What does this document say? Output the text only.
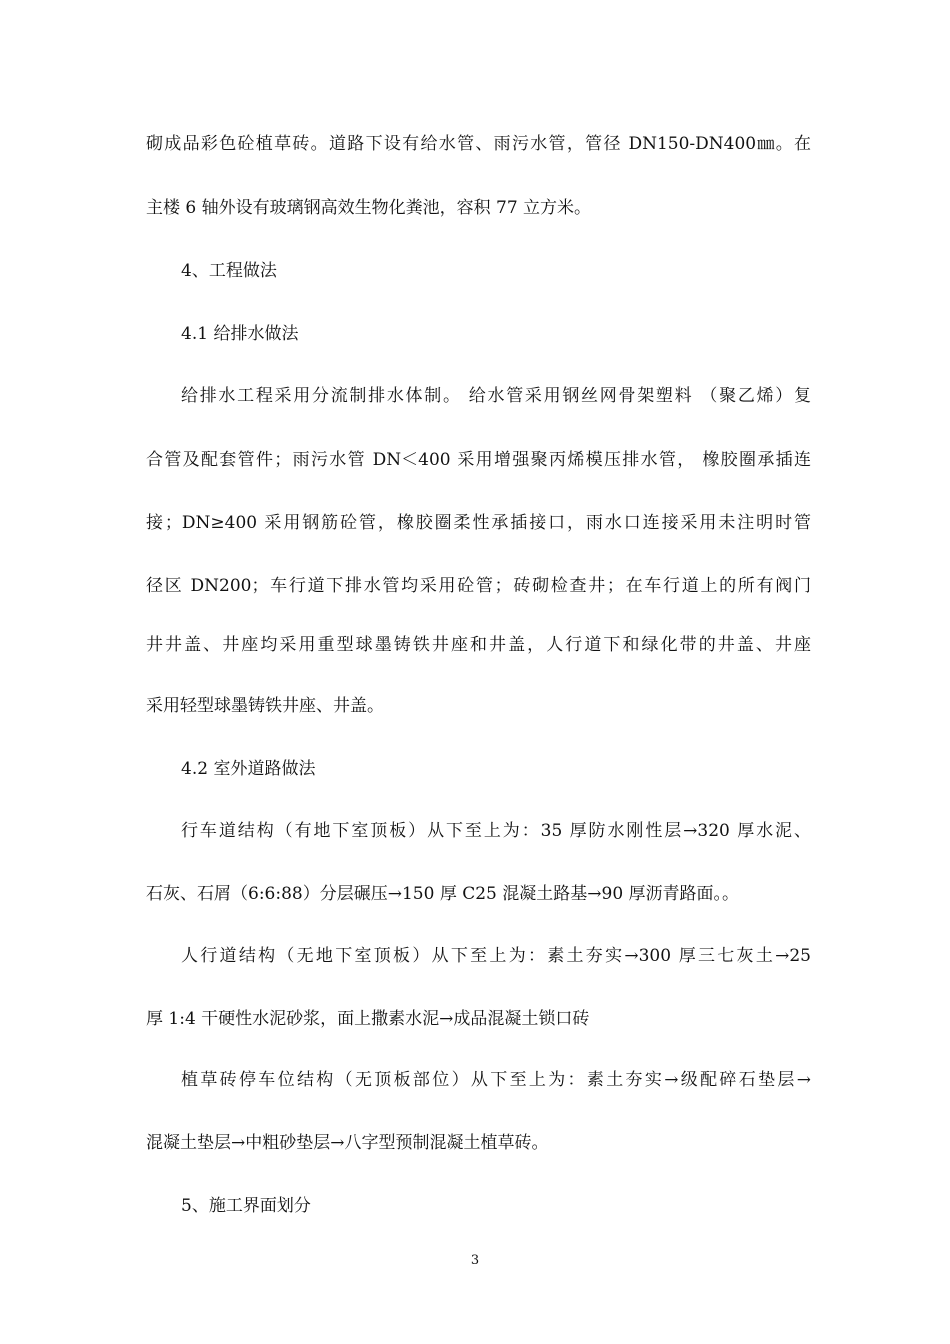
砌成品彩色砼植草砖。道路下设有给水管、雨污水管，管径 DN150-DN400㎜。在
主楼 6 轴外设有玻璃钢高效生物化粪池，容积 77 立方米。
4、工程做法
4.1 给排水做法
给排水工程采用分流制排水体制。 给水管采用钢丝网骨架塑料 （聚乙烯）复
合管及配套管件；雨污水管 DN＜400 采用增强聚丙烯模压排水管， 橡胶圈承插连
接；DN≥400 采用钢筋砼管，橡胶圈柔性承插接口，雨水口连接采用未注明时管
径区 DN200；车行道下排水管均采用砼管；砖砌检查井；在车行道上的所有阀门
井井盖、井座均采用重型球墨铸铁井座和井盖，人行道下和绿化带的井盖、井座
采用轻型球墨铸铁井座、井盖。
4.2 室外道路做法
行车道结构（有地下室顶板）从下至上为：35 厚防水刚性层→320 厚水泥、
石灰、石屑（6:6:88）分层碾压→150 厚 C25 混凝土路基→90 厚沥青路面。。
人行道结构（无地下室顶板）从下至上为：素土夯实→300 厚三七灰土→25
厚 1:4 干硬性水泥砂浆，面上撒素水泥→成品混凝土锁口砖
植草砖停车位结构（无顶板部位）从下至上为：素土夯实→级配碎石垫层→
混凝土垫层→中粗砂垫层→八字型预制混凝土植草砖。
5、施工界面划分
3
